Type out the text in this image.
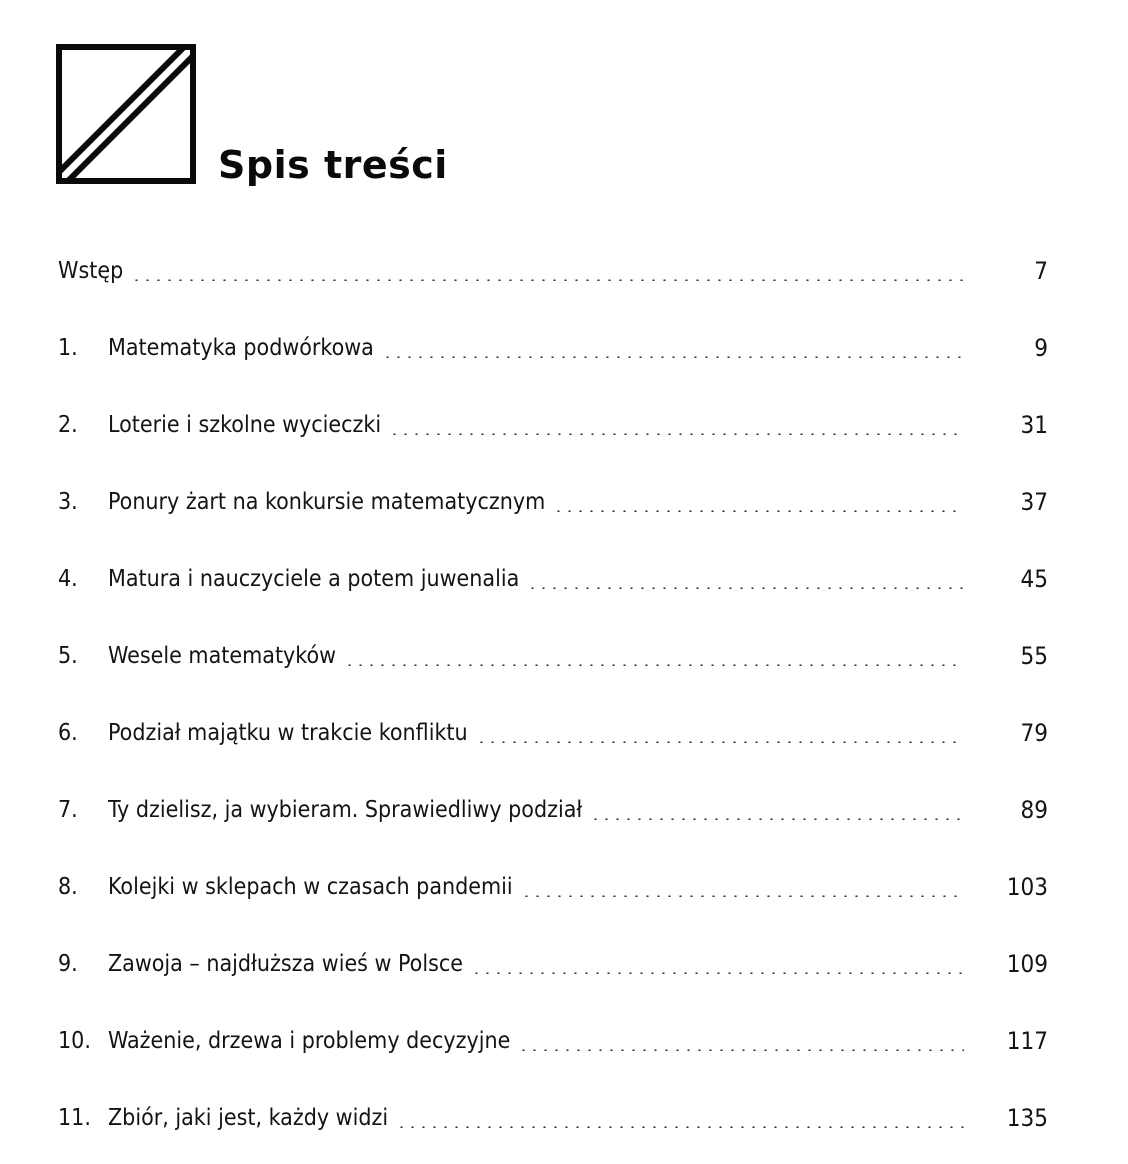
Spis treści
Wstęp	7
1.	Matematyka podwórkowa	9
2.	Loterie i szkolne wycieczki	31
3.	Ponury żart na konkursie matematycznym	37
4.	Matura i nauczyciele a potem juwenalia	45
5.	Wesele matematyków	55
6.	Podział majątku w trakcie konfliktu	79
7.	Ty dzielisz, ja wybieram. Sprawiedliwy podział	89
8.	Kolejki w sklepach w czasach pandemii	103
9.	Zawoja – najdłuższa wieś w Polsce	109
10. Ważenie, drzewa i problemy decyzyjne	117
11. Zbiór, jaki jest, każdy widzi	135
